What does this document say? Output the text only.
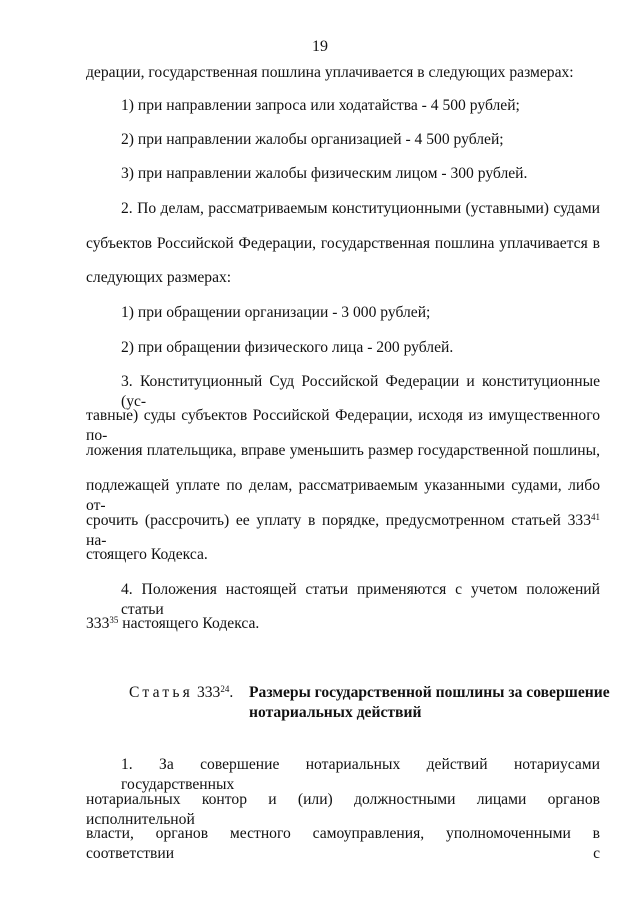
19

дерации, государственная пошлина уплачивается в следующих размерах:

1) при направлении запроса или ходатайства - 4 500 рублей;

2) при направлении жалобы организацией - 4 500 рублей;

3) при направлении жалобы физическим лицом - 300 рублей.

2. По делам, рассматриваемым конституционными (уставными) судами

субъектов Российской Федерации, государственная пошлина уплачивается в

следующих размерах:

1) при обращении организации - 3 000 рублей;

2) при обращении физического лица - 200 рублей.

3. Конституционный Суд Российской Федерации и конституционные (ус-

тавные) суды субъектов Российской Федерации, исходя из имущественного по-

ложения плательщика, вправе уменьшить размер государственной пошлины,

подлежащей уплате по делам, рассматриваемым указанными судами, либо от-

срочить (рассрочить) ее уплату в порядке, предусмотренном статьей $333^{41}$ на-

стоящего Кодекса.

4. Положения настоящей статьи применяются с учетом положений статьи

$333^{35}$ настоящего Кодекса.

Статья $333^{24}$. Размеры государственной пошлины за совершение
нотариальных действий

1. За совершение нотариальных действий нотариусами государственных

нотариальных контор и (или) должностными лицами органов исполнительной

власти, органов местного самоуправления, уполномоченными в соответствии с
